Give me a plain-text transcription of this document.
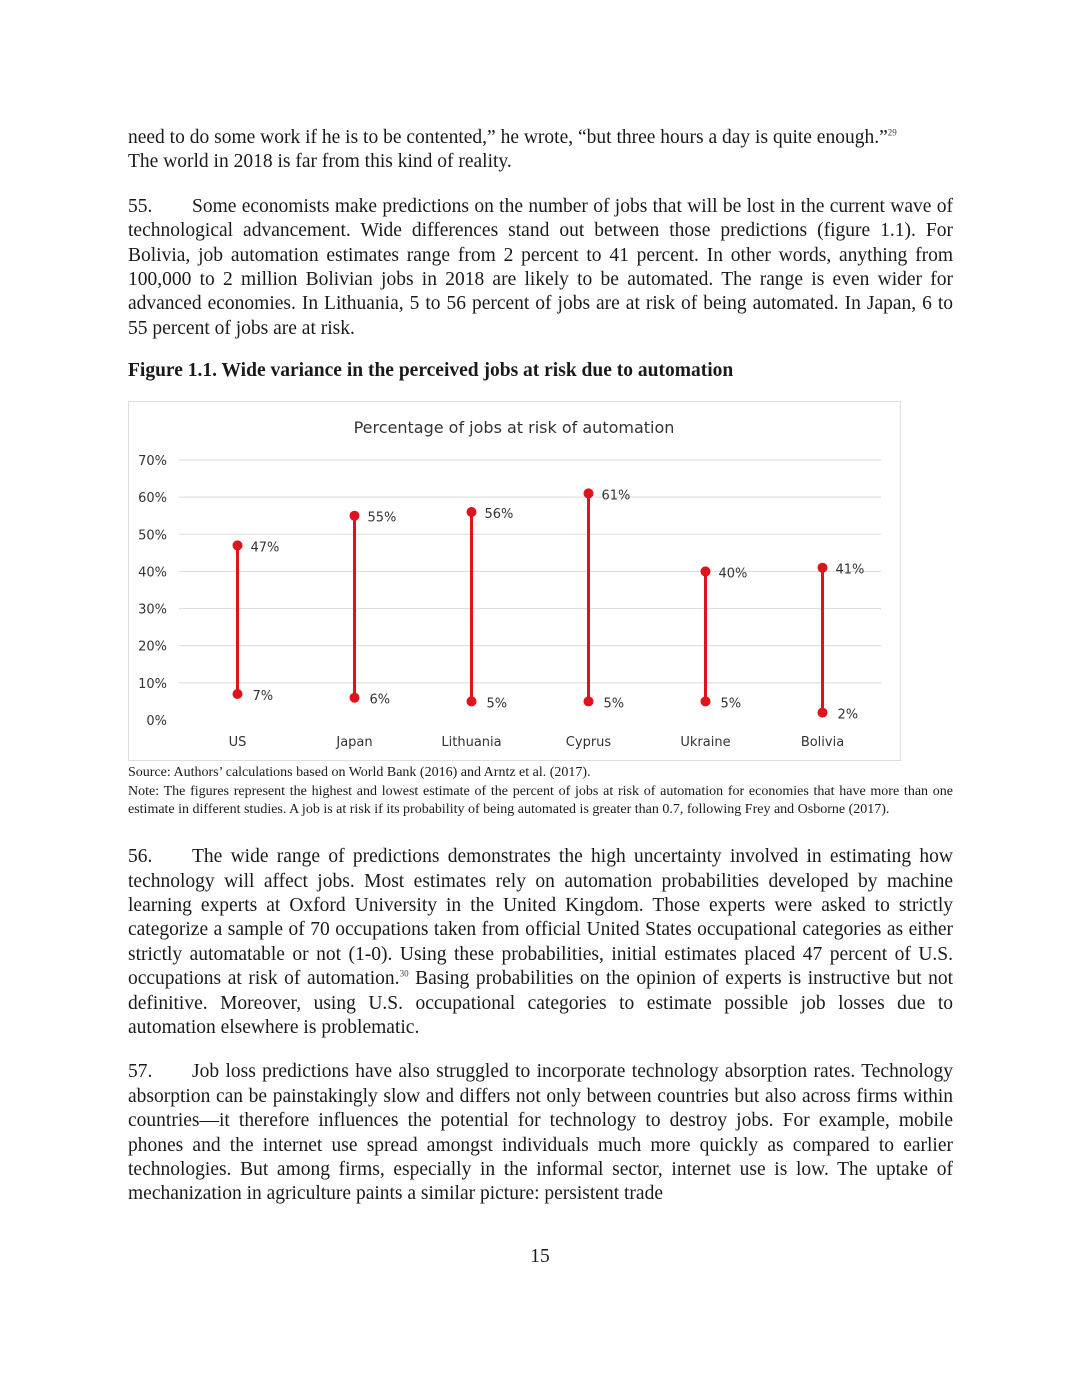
need to do some work if he is to be contented,” he wrote, “but three hours a day is quite enough.”$^{29}$
The world in 2018 is far from this kind of reality.

55. Some economists make predictions on the number of jobs that will be lost in the current wave of technological advancement. Wide differences stand out between those predictions (figure 1.1). For Bolivia, job automation estimates range from 2 percent to 41 percent. In other words, anything from 100,000 to 2 million Bolivian jobs in 2018 are likely to be automated. The range is even wider for advanced economies. In Lithuania, 5 to 56 percent of jobs are at risk of being automated. In Japan, 6 to 55 percent of jobs are at risk.

Figure 1.1. Wide variance in the perceived jobs at risk due to automation

Percentage of jobs at risk of automation
0%
10%
20%
30%
40%
50%
60%
70%
47%
7%
55%
6%
56%
5%
61%
5%
40%
5%
41%
2%
US	Japan	Lithuania	Cyprus	Ukraine	Bolivia

Source: Authors’ calculations based on World Bank (2016) and Arntz et al. (2017).

Note: The figures represent the highest and lowest estimate of the percent of jobs at risk of automation for economies that have more than one estimate in different studies. A job is at risk if its probability of being automated is greater than 0.7, following Frey and Osborne (2017).

56. The wide range of predictions demonstrates the high uncertainty involved in estimating how technology will affect jobs. Most estimates rely on automation probabilities developed by machine learning experts at Oxford University in the United Kingdom. Those experts were asked to strictly categorize a sample of 70 occupations taken from official United States occupational categories as either strictly automatable or not (1-0). Using these probabilities, initial estimates placed 47 percent of U.S. occupations at risk of automation.$^{30}$ Basing probabilities on the opinion of experts is instructive but not definitive. Moreover, using U.S. occupational categories to estimate possible job losses due to automation elsewhere is problematic.

57. Job loss predictions have also struggled to incorporate technology absorption rates. Technology absorption can be painstakingly slow and differs not only between countries but also across firms within countries—it therefore influences the potential for technology to destroy jobs. For example, mobile phones and the internet use spread amongst individuals much more quickly as compared to earlier technologies. But among firms, especially in the informal sector, internet use is low. The uptake of mechanization in agriculture paints a similar picture: persistent trade

15
